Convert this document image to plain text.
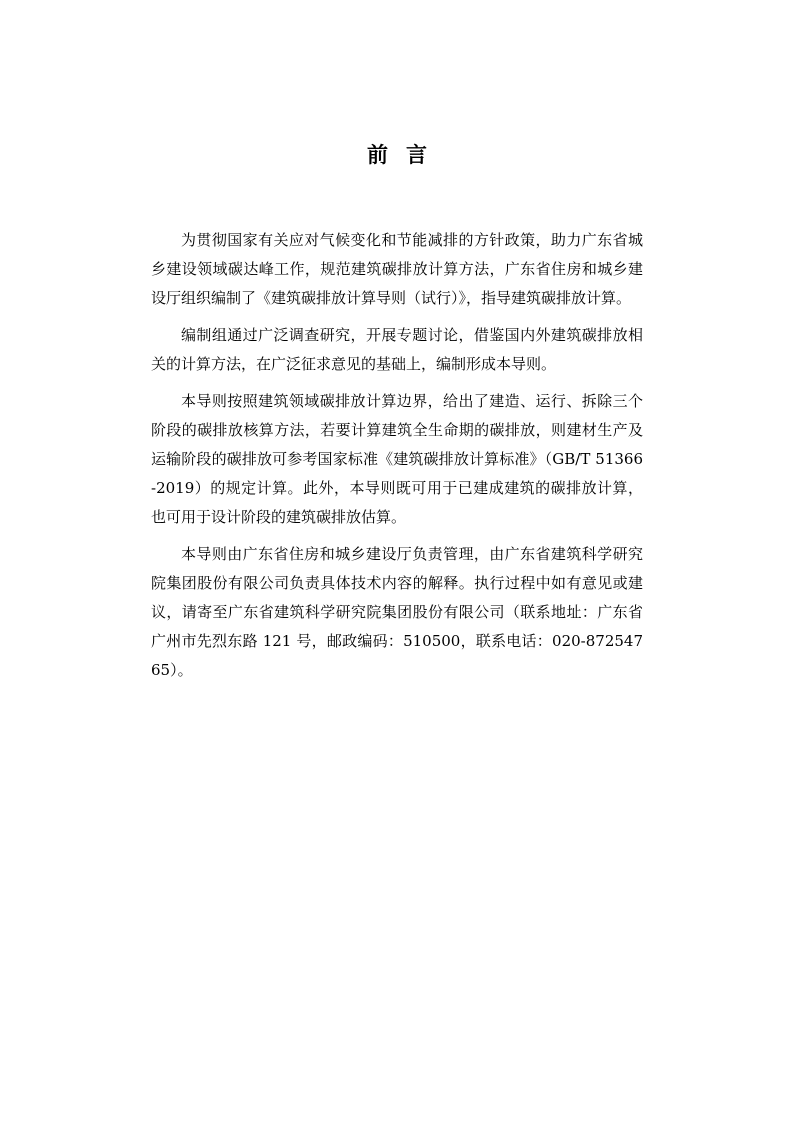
前言

为贯彻国家有关应对气候变化和节能减排的方针政策，助力广东省城乡建设领域碳达峰工作，规范建筑碳排放计算方法，广东省住房和城乡建设厅组织编制了《建筑碳排放计算导则（试行）》，指导建筑碳排放计算。

编制组通过广泛调查研究，开展专题讨论，借鉴国内外建筑碳排放相关的计算方法，在广泛征求意见的基础上，编制形成本导则。

本导则按照建筑领域碳排放计算边界，给出了建造、运行、拆除三个阶段的碳排放核算方法，若要计算建筑全生命期的碳排放，则建材生产及运输阶段的碳排放可参考国家标准《建筑碳排放计算标准》（GB/T 51366-2019）的规定计算。此外，本导则既可用于已建成建筑的碳排放计算，也可用于设计阶段的建筑碳排放估算。

本导则由广东省住房和城乡建设厅负责管理，由广东省建筑科学研究院集团股份有限公司负责具体技术内容的解释。执行过程中如有意见或建议，请寄至广东省建筑科学研究院集团股份有限公司（联系地址：广东省广州市先烈东路 121 号，邮政编码：510500，联系电话：020-87254765）。
